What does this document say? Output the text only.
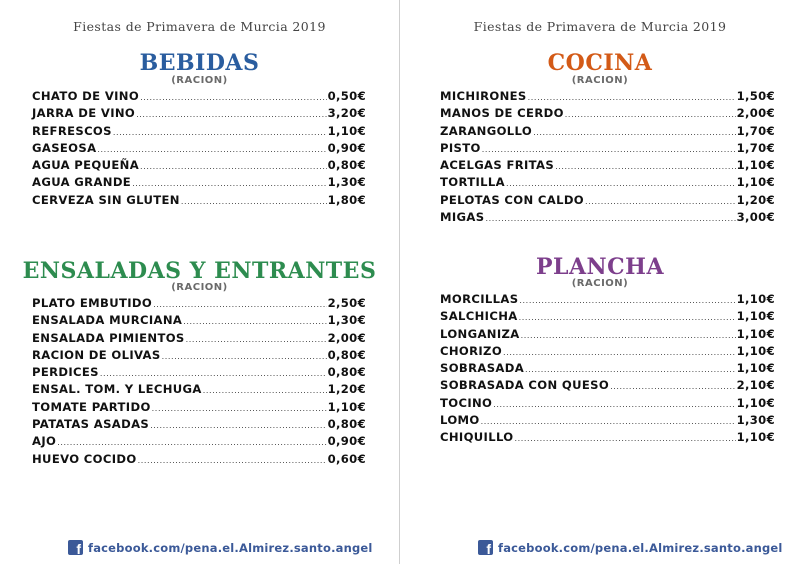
Fiestas de Primavera de Murcia 2019
BEBIDAS
(RACION)
CHATO DE VINO .....	0,50€
JARRA DE VINO .....	3,20€
REFRESCOS .....	1,10€
GASEOSA .....	0,90€
AGUA PEQUEÑA .....	0,80€
AGUA GRANDE .....	1,30€
CERVEZA SIN GLUTEN .....	1,80€
ENSALADAS Y ENTRANTES
(RACION)
PLATO EMBUTIDO .....	2,50€
ENSALADA MURCIANA .....	1,30€
ENSALADA PIMIENTOS .....	2,00€
RACION DE OLIVAS .....	0,80€
PERDICES .....	0,80€
ENSAL. TOM. Y LECHUGA .....	1,20€
TOMATE PARTIDO .....	1,10€
PATATAS ASADAS .....	0,80€
AJO .....	0,90€
HUEVO COCIDO .....	0,60€
f facebook.com/pena.el.Almirez.santo.angel
Fiestas de Primavera de Murcia 2019
COCINA
(RACION)
MICHIRONES .....	1,50€
MANOS DE CERDO .....	2,00€
ZARANGOLLO .....	1,70€
PISTO .....	1,70€
ACELGAS FRITAS .....	1,10€
TORTILLA .....	1,10€
PELOTAS CON CALDO .....	1,20€
MIGAS .....	3,00€
PLANCHA
(RACION)
MORCILLAS .....	1,10€
SALCHICHA .....	1,10€
LONGANIZA .....	1,10€
CHORIZO .....	1,10€
SOBRASADA .....	1,10€
SOBRASADA CON QUESO .....	2,10€
TOCINO .....	1,10€
LOMO .....	1,30€
CHIQUILLO .....	1,10€
f facebook.com/pena.el.Almirez.santo.angel
